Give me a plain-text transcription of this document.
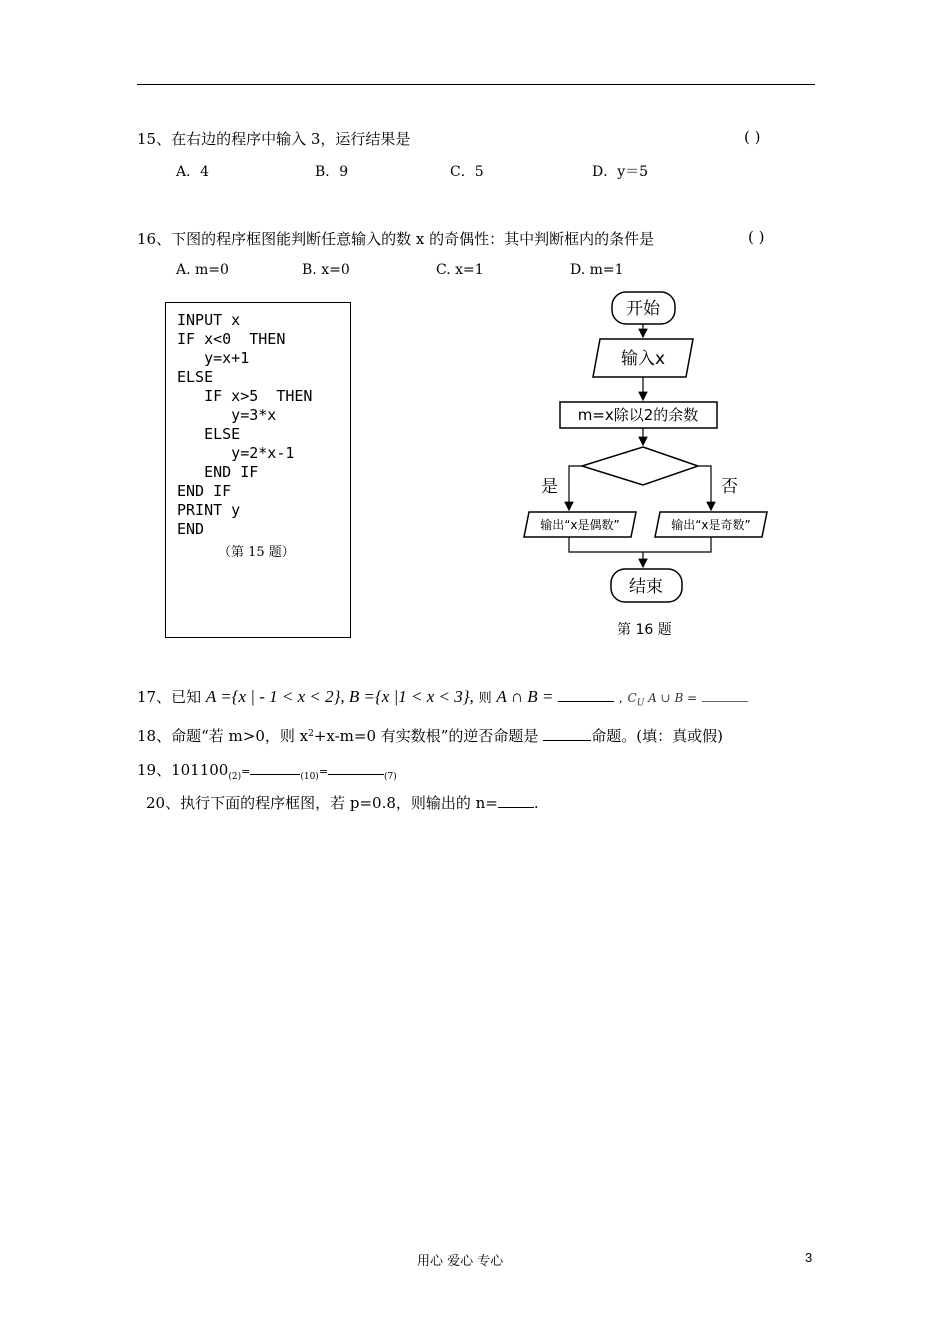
15、在右边的程序中输入 3，运行结果是	( )
A．4	B．9	C．5	D．y＝5
16、下图的程序框图能判断任意输入的数 x 的奇偶性：其中判断框内的条件是	( )
A. m=0	B. x=0	C. x=1	D. m=1
INPUT x
IF x<0  THEN
y=x+1
ELSE
IF x>5  THEN
y=3*x
ELSE
y=2*x-1
END IF
END IF
PRINT y
END
（第 15 题）
开始
输入x
m=x除以2的余数
是	否
输出“x是偶数”	输出“x是奇数”
结束
第 16 题
17、已知 A ={x | - 1 < x < 2}, B ={x |1 < x < 3}, 则 A ∩ B =	, $C_U$ A ∪ B =
18、命题“若 m>0，则 $x^2+x-m=0$ 有实数根”的逆否命题是	命题。(填：真或假)
19、$101100_{(2)}=$	$_{(10)}$=	$_{(7)}$
20、执行下面的程序框图，若 p=0.8，则输出的 n= .
用心 爱心 专心	3
